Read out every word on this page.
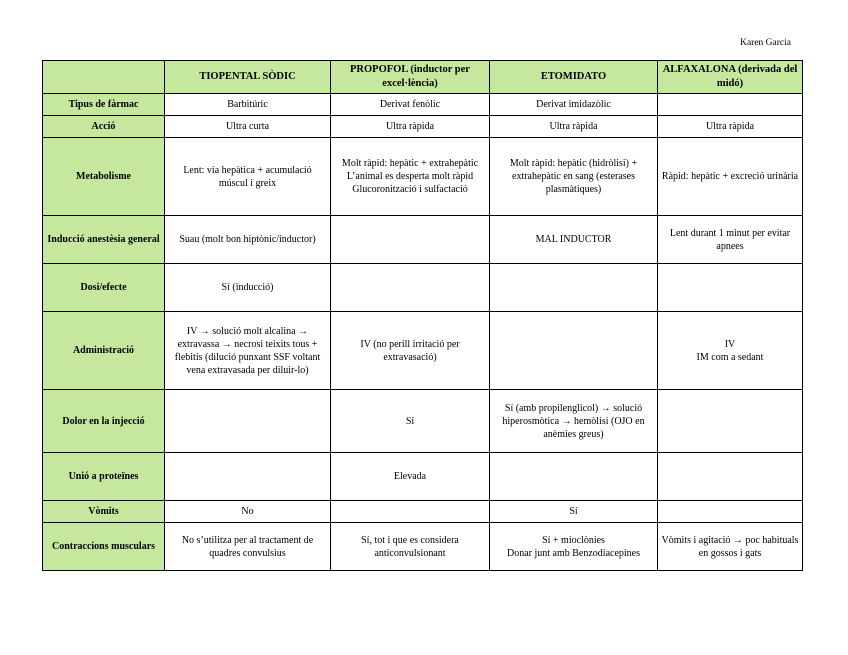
Karen Garcia
	TIOPENTAL SÒDIC	PROPOFOL (inductor per excel·lència)	ETOMIDATO	ALFAXALONA (derivada del midó)
Tipus de fàrmac	Barbitúric	Derivat fenòlic	Derivat imidazòlic	
Acció	Ultra curta	Ultra ràpida	Ultra ràpida	Ultra ràpida
Metabolisme	Lent: via hepàtica + acumulació múscul i greix	Molt ràpid: hepàtic + extrahepàtic
L’animal es desperta molt ràpid
Glucoronització i sulfactació	Molt ràpid: hepàtic (hidròlisi) + extrahepàtic en sang (esterases plasmàtiques)	Ràpid: hepàtic + excreció urinària
Inducció anestèsia general	Suau (molt bon hiptònic/inductor)		MAL INDUCTOR	Lent durant 1 minut per evitar apnees
Dosi/efecte	Sí (inducció)			
Administració	IV → solució molt alcalina → extravassa → necrosi teixits tous + flebitis (dilució punxant SSF voltant vena extravasada per diluir-lo)	IV (no perill irritació per extravasació)		IV
IM com a sedant

Dolor en la injecció		Sí	Sí (amb propilenglicol) → solució hiperosmòtica → hemòlisi (OJO en anèmies greus)	
Unió a proteïnes		Elevada		
Vòmits	No		Sí	
Contraccions musculars	No s’utilitza per al tractament de quadres convulsius	Sí, tot i que es considera anticonvulsionant	Sí + mioclònies
Donar junt amb Benzodiacepines	Vòmits i agitació → poc habituals en gossos i gats
